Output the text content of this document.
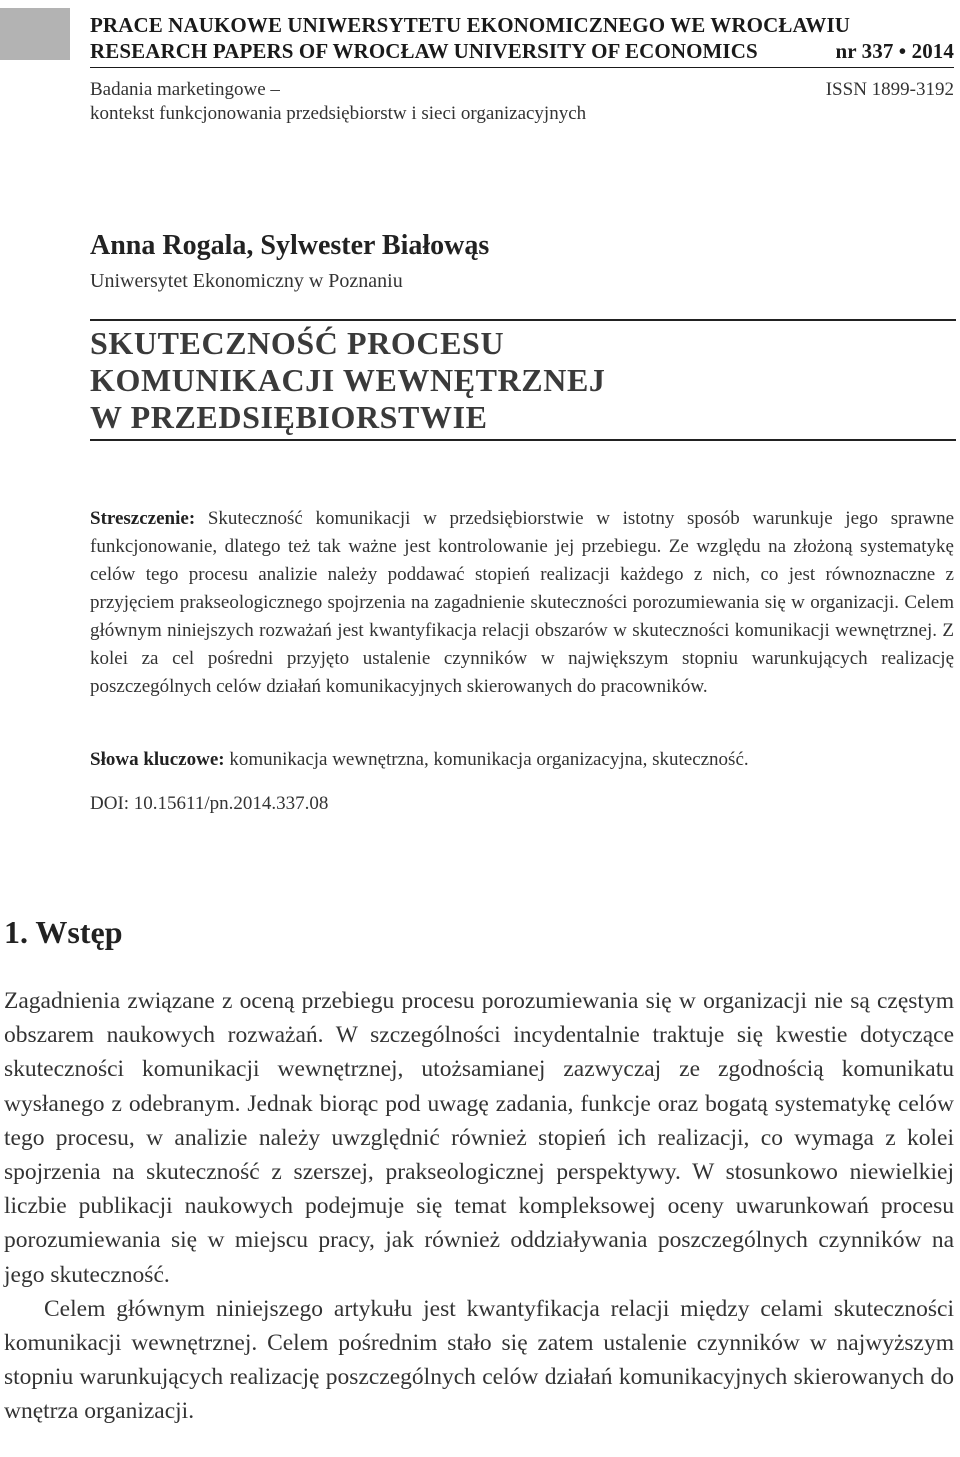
PRACE NAUKOWE UNIWERSYTETU EKONOMICZNEGO WE WROCŁAWIU
RESEARCH PAPERS OF WROCŁAW UNIVERSITY OF ECONOMICS	nr 337 • 2014
Badania marketingowe –	ISSN 1899-3192
kontekst funkcjonowania przedsiębiorstw i sieci organizacyjnych
Anna Rogala, Sylwester Białowąs
Uniwersytet Ekonomiczny w Poznaniu
SKUTECZNOŚĆ PROCESU
KOMUNIKACJI WEWNĘTRZNEJ
W PRZEDSIĘBIORSTWIE
Streszczenie: Skuteczność komunikacji w przedsiębiorstwie w istotny sposób warunkuje jego sprawne funkcjonowanie, dlatego też tak ważne jest kontrolowanie jej przebiegu. Ze względu na złożoną systematykę celów tego procesu analizie należy poddawać stopień realizacji każdego z nich, co jest równoznaczne z przyjęciem prakseologicznego spojrzenia na zagadnienie skuteczności porozumiewania się w organizacji. Celem głównym niniejszych rozważań jest kwantyfikacja relacji obszarów w skuteczności komunikacji wewnętrznej. Z kolei za cel pośredni przyjęto ustalenie czynników w największym stopniu warunkujących realizację poszczególnych celów działań komunikacyjnych skierowanych do pracowników.
Słowa kluczowe: komunikacja wewnętrzna, komunikacja organizacyjna, skuteczność.
DOI: 10.15611/pn.2014.337.08
1. Wstęp

Zagadnienia związane z oceną przebiegu procesu porozumiewania się w organizacji nie są częstym obszarem naukowych rozważań. W szczególności incydentalnie traktuje się kwestie dotyczące skuteczności komunikacji wewnętrznej, utożsamianej zazwyczaj ze zgodnością komunikatu wysłanego z odebranym. Jednak biorąc pod uwagę zadania, funkcje oraz bogatą systematykę celów tego procesu, w analizie należy uwzględnić również stopień ich realizacji, co wymaga z kolei spojrzenia na skuteczność z szerszej, prakseologicznej perspektywy. W stosunkowo niewielkiej liczbie publikacji naukowych podejmuje się temat kompleksowej oceny uwarunkowań procesu porozumiewania się w miejscu pracy, jak również oddziaływania poszczególnych czynników na jego skuteczność.

Celem głównym niniejszego artykułu jest kwantyfikacja relacji między celami skuteczności komunikacji wewnętrznej. Celem pośrednim stało się zatem ustalenie czynników w najwyższym stopniu warunkujących realizację poszczególnych celów działań komunikacyjnych skierowanych do wnętrza organizacji.
